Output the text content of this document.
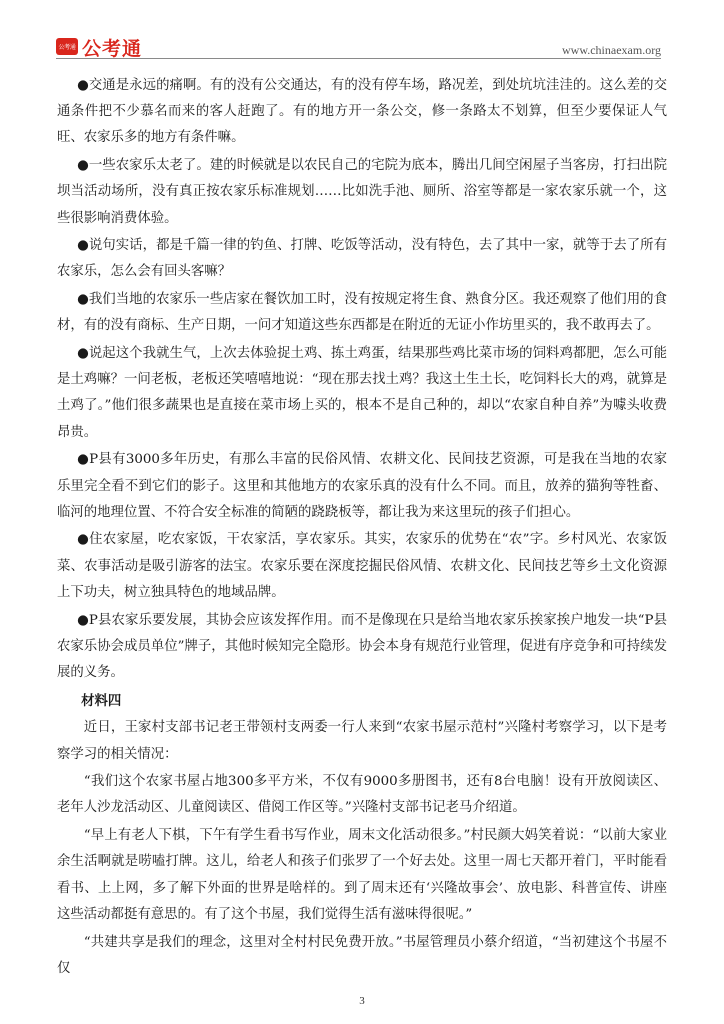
公考通 公考通	www.chinaexam.org

●交通是永远的痛啊。有的没有公交通达，有的没有停车场，路况差，到处坑坑洼洼的。这么差的交通条件把不少慕名而来的客人赶跑了。有的地方开一条公交，修一条路太不划算，但至少要保证人气旺、农家乐多的地方有条件嘛。

●一些农家乐太老了。建的时候就是以农民自己的宅院为底本，腾出几间空闲屋子当客房，打扫出院坝当活动场所，没有真正按农家乐标准规划……比如洗手池、厕所、浴室等都是一家农家乐就一个，这些很影响消费体验。

●说句实话，都是千篇一律的钓鱼、打牌、吃饭等活动，没有特色，去了其中一家，就等于去了所有农家乐，怎么会有回头客嘛？

●我们当地的农家乐一些店家在餐饮加工时，没有按规定将生食、熟食分区。我还观察了他们用的食材，有的没有商标、生产日期，一问才知道这些东西都是在附近的无证小作坊里买的，我不敢再去了。

●说起这个我就生气，上次去体验捉土鸡、拣土鸡蛋，结果那些鸡比菜市场的饲料鸡都肥，怎么可能是土鸡嘛？一问老板，老板还笑嘻嘻地说：“现在那去找土鸡？我这土生土长，吃饲料长大的鸡，就算是土鸡了。”他们很多蔬果也是直接在菜市场上买的，根本不是自己种的，却以“农家自种自养”为噱头收费昂贵。

●P县有3000多年历史，有那么丰富的民俗风情、农耕文化、民间技艺资源，可是我在当地的农家乐里完全看不到它们的影子。这里和其他地方的农家乐真的没有什么不同。而且，放养的猫狗等牲畜、临河的地理位置、不符合安全标准的简陋的跷跷板等，都让我为来这里玩的孩子们担心。

●住农家屋，吃农家饭，干农家活，享农家乐。其实，农家乐的优势在“农”字。乡村风光、农家饭菜、农事活动是吸引游客的法宝。农家乐要在深度挖掘民俗风情、农耕文化、民间技艺等乡土文化资源上下功夫，树立独具特色的地域品牌。

●P县农家乐要发展，其协会应该发挥作用。而不是像现在只是给当地农家乐挨家挨户地发一块“P县农家乐协会成员单位”牌子，其他时候知完全隐形。协会本身有规范行业管理，促进有序竞争和可持续发展的义务。

材料四

近日，王家村支部书记老王带领村支两委一行人来到“农家书屋示范村”兴隆村考察学习，以下是考察学习的相关情况：

“我们这个农家书屋占地300多平方米，不仅有9000多册图书，还有8台电脑！设有开放阅读区、老年人沙龙活动区、儿童阅读区、借阅工作区等。”兴隆村支部书记老马介绍道。

“早上有老人下棋，下午有学生看书写作业，周末文化活动很多。”村民颜大妈笑着说：“以前大家业余生活啊就是唠嗑打牌。这儿，给老人和孩子们张罗了一个好去处。这里一周七天都开着门，平时能看看书、上上网，多了解下外面的世界是啥样的。到了周末还有‘兴隆故事会’、放电影、科普宣传、讲座这些活动都挺有意思的。有了这个书屋，我们觉得生活有滋味得很呢。”

“共建共享是我们的理念，这里对全村村民免费开放。”书屋管理员小蔡介绍道，“当初建这个书屋不仅

3
